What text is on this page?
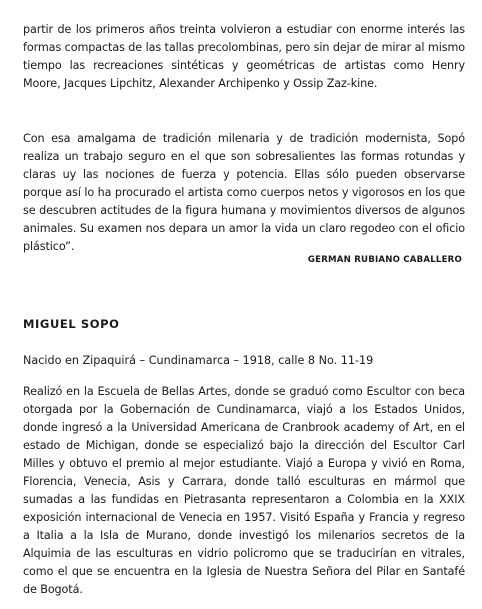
partir de los primeros años treinta volvieron a estudiar con enorme interés las formas compactas de las tallas precolombinas, pero sin dejar de mirar al mismo tiempo las recreaciones sintéticas y geométricas de artistas como Henry Moore, Jacques Lipchitz, Alexander Archipenko y Ossip Zaz-kine.

Con esa amalgama de tradición milenaria y de tradición modernista, Sopó realiza un trabajo seguro en el que son sobresalientes las formas rotundas y claras uy las nociones de fuerza y potencia. Ellas sólo pueden observarse porque así lo ha procurado el artista como cuerpos netos y vigorosos en los que se descubren actitudes de la figura humana y movimientos diversos de algunos animales. Su examen nos depara un amor la vida un claro regodeo con el oficio plástico”.

GERMAN RUBIANO CABALLERO
MIGUEL SOPO
Nacido en Zipaquirá – Cundinamarca – 1918, calle 8 No. 11-19

Realizó en la Escuela de Bellas Artes, donde se graduó como Escultor con beca otorgada por la Gobernación de Cundinamarca, viajó a los Estados Unidos, donde ingresó a la Universidad Americana de Cranbrook academy of Art, en el estado de Michigan, donde se especializó bajo la dirección del Escultor Carl Milles y obtuvo el premio al mejor estudiante. Viajó a Europa y vivió en Roma, Florencia, Venecia, Asis y Carrara, donde talló esculturas en mármol que sumadas a las fundidas en Pietrasanta representaron a Colombia en la XXIX exposición internacional de Venecia en 1957. Visitó España y Francia y regreso a Italia a la Isla de Murano, donde investigó los milenarios secretos de la Alquimia de las esculturas en vidrio policromo que se traducirían en vitrales, como el que se encuentra en la Iglesia de Nuestra Señora del Pilar en Santafé de Bogotá.
